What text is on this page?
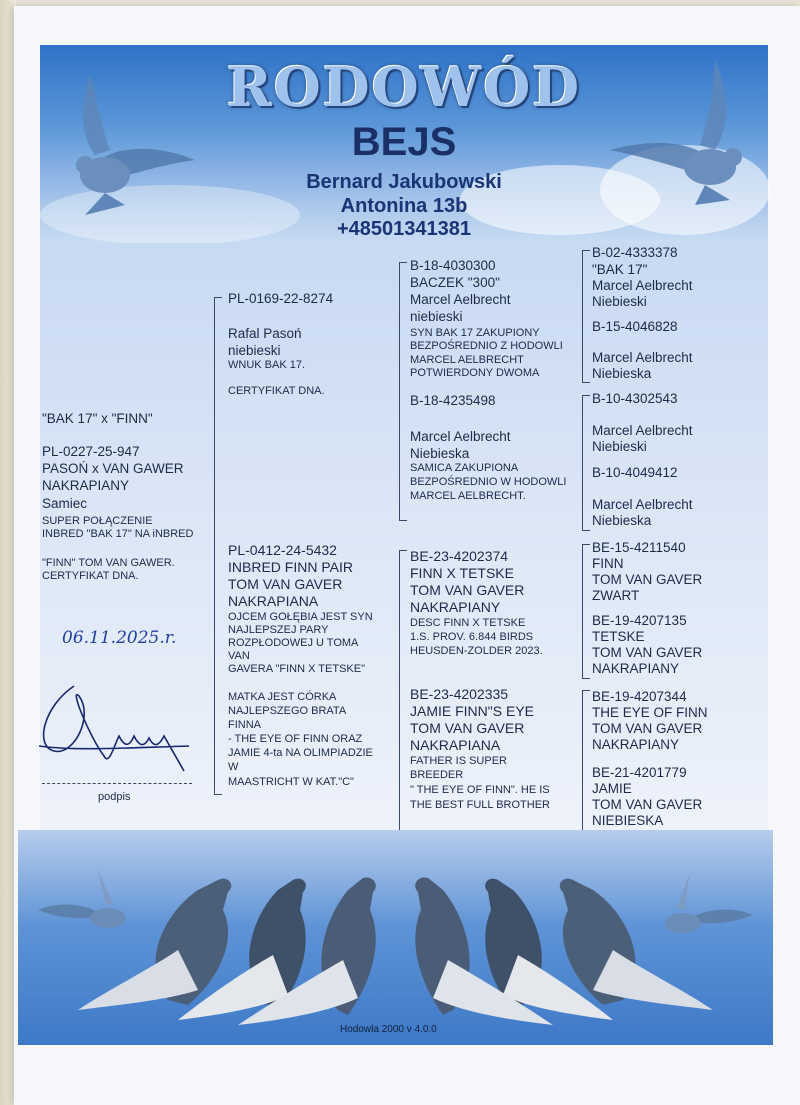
RODOWÓD
BEJS
Bernard Jakubowski
Antonina 13b
+48501341381
"BAK 17" x "FINN"
PL-0227-25-947
PASOŃ x VAN GAWER
NAKRAPIANY
Samiec
SUPER POŁĄCZENIE
INBRED "BAK 17" NA iNBRED
"FINN" TOM VAN GAWER.
CERTYFIKAT DNA.
06.11.2025.r.
podpis
PL-0169-22-8274
Rafal Pasoń
niebieski
WNUK BAK 17.
CERTYFIKAT DNA.
PL-0412-24-5432
INBRED FINN PAIR
TOM VAN GAVER
NAKRAPIANA
OJCEM GOŁĘBIA JEST SYN
NAJLEPSZEJ PARY
ROZPŁODOWEJ U TOMA
VAN
GAVERA "FINN X TETSKE"
MATKA JEST CÓRKA
NAJLEPSZEGO BRATA
FINNA
- THE EYE OF FINN ORAZ
JAMIE 4-ta NA OLIMPIADZIE
W
MAASTRICHT W KAT."C"
B-18-4030300
BACZEK "300"
Marcel Aelbrecht
niebieski
SYN BAK 17 ZAKUPIONY
BEZPOŚREDNIO Z HODOWLI
MARCEL AELBRECHT
POTWIERDONY DWOMA
B-18-4235498
Marcel Aelbrecht
Niebieska
SAMICA ZAKUPIONA
BEZPOŚREDNIO W HODOWLI
MARCEL AELBRECHT.
BE-23-4202374
FINN X TETSKE
TOM VAN GAVER
NAKRAPIANY
DESC FINN X TETSKE
1.S. PROV. 6.844 BIRDS
HEUSDEN-ZOLDER 2023.
BE-23-4202335
JAMIE FINN"S EYE
TOM VAN GAVER
NAKRAPIANA
FATHER IS SUPER
BREEDER
" THE EYE OF FINN". HE IS
THE BEST FULL BROTHER
B-02-4333378
"BAK 17"
Marcel Aelbrecht
Niebieski
B-15-4046828
Marcel Aelbrecht
Niebieska
B-10-4302543
Marcel Aelbrecht
Niebieski
B-10-4049412
Marcel Aelbrecht
Niebieska
BE-15-4211540
FINN
TOM VAN GAVER
ZWART
BE-19-4207135
TETSKE
TOM VAN GAVER
NAKRAPIANY
BE-19-4207344
THE EYE OF FINN
TOM VAN GAVER
NAKRAPIANY
BE-21-4201779
JAMIE
TOM VAN GAVER
NIEBIESKA
Hodowla 2000 v 4.0.0
